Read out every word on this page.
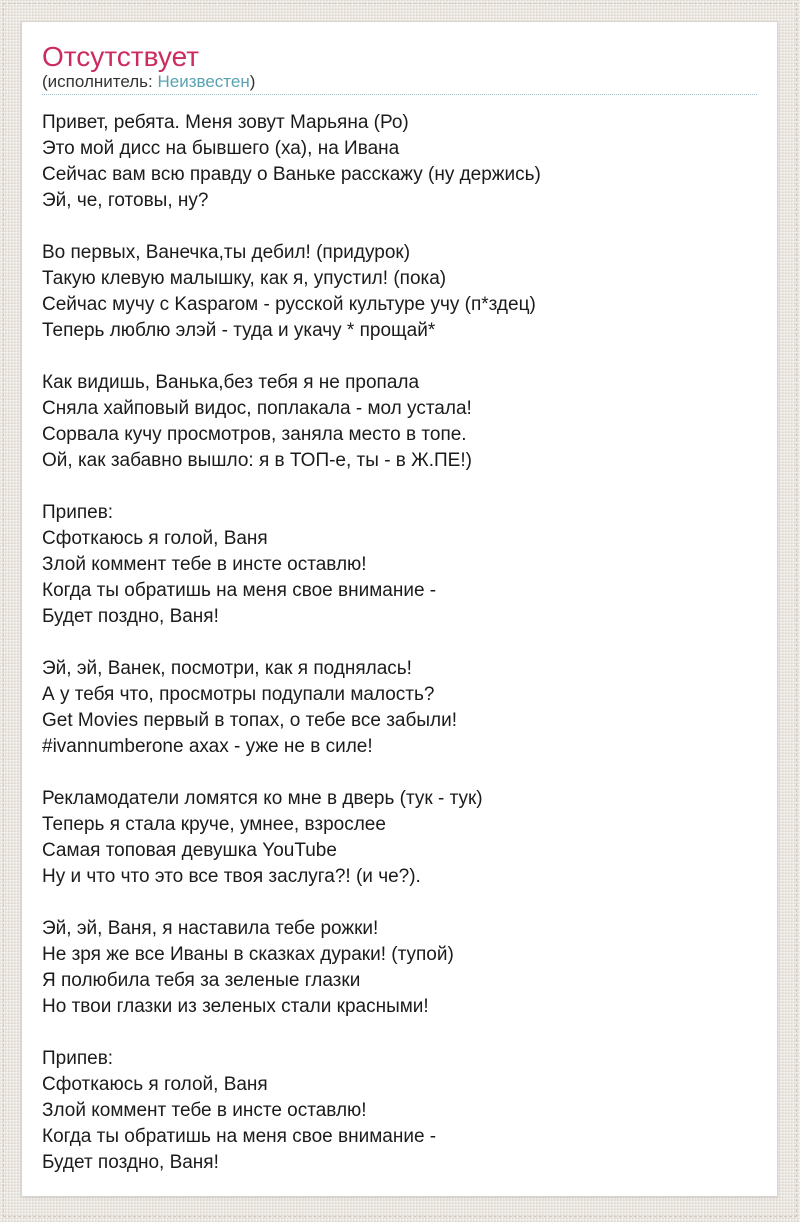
Отсутствует
(исполнитель: Неизвестен)
Привет, ребята. Меня зовут Марьяна (Ро)
Это мой дисс на бывшего (ха), на Ивана
Сейчас вам всю правду о Ваньке расскажу (ну держись)
Эй, че, готовы, ну?
Во первых, Ванечка,ты дебил! (придурок)
Такую клевую малышку, как я, упустил! (пока)
Сейчас мучу с Kasparoм - русской культуре учу (п*здец)
Теперь люблю элэй - туда и укачу * прощай*
Как видишь, Ванька,без тебя я не пропала
Сняла хайповый видос, поплакала - мол устала!
Сорвала кучу просмотров, заняла место в топе.
Ой, как забавно вышло: я в ТОП-е, ты - в Ж.ПЕ!)
Припев:
Сфоткаюсь я голой, Ваня
Злой коммент тебе в инсте оставлю!
Когда ты обратишь на меня свое внимание -
Будет поздно, Ваня!
Эй, эй, Ванек, посмотри, как я поднялась!
А у тебя что, просмотры подупали малость?
Get Movies первый в топах, о тебе все забыли!
#ivannumberone ахах - уже не в силе!
Рекламодатели ломятся ко мне в дверь (тук - тук)
Теперь я стала круче, умнее, взрослее
Самая топовая девушка YouTube
Ну и что что это все твоя заслуга?! (и че?).
Эй, эй, Ваня, я наставила тебе рожки!
Не зря же все Иваны в сказках дураки! (тупой)
Я полюбила тебя за зеленые глазки
Но твои глазки из зеленых стали красными!
Припев:
Сфоткаюсь я голой, Ваня
Злой коммент тебе в инсте оставлю!
Когда ты обратишь на меня свое внимание -
Будет поздно, Ваня!
